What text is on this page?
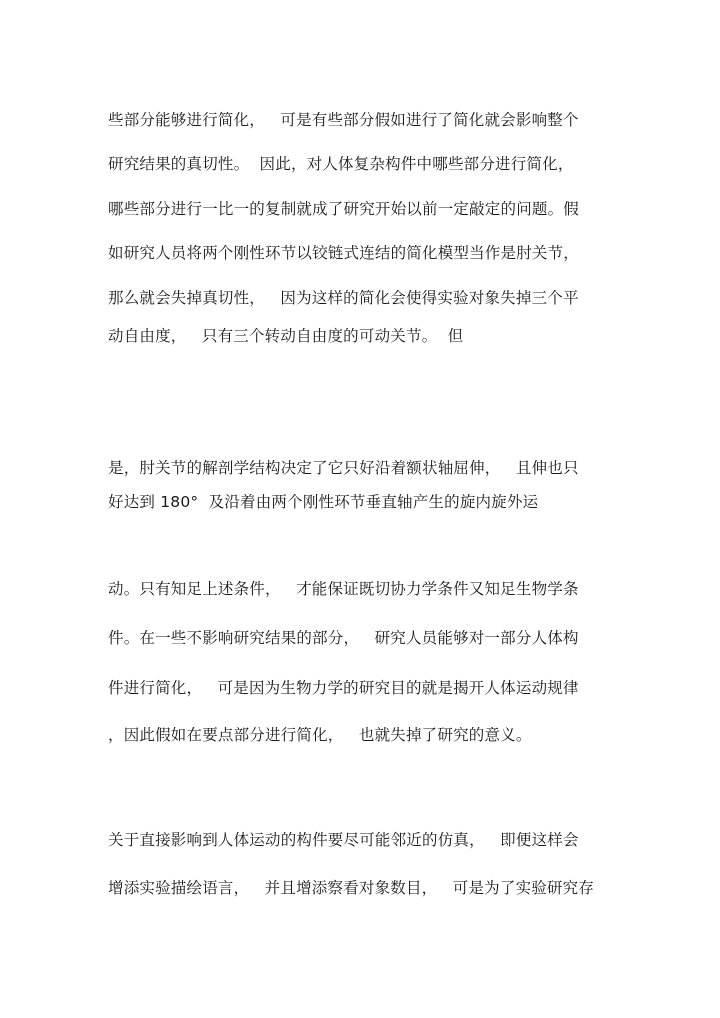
些部分能够进行简化，   可是有些部分假如进行了简化就会影响整个
研究结果的真切性。  因此，对人体复杂构件中哪些部分进行简化，
哪些部分进行一比一的复制就成了研究开始以前一定敲定的问题。假
如研究人员将两个刚性环节以铰链式连结的简化模型当作是肘关节，
那么就会失掉真切性，   因为这样的简化会使得实验对象失掉三个平
动自由度，   只有三个转动自由度的可动关节。  但
是，肘关节的解剖学结构决定了它只好沿着额状轴屈伸，   且伸也只
好达到 180°  及沿着由两个刚性环节垂直轴产生的旋内旋外运
动。只有知足上述条件，   才能保证既切协力学条件又知足生物学条
件。在一些不影响研究结果的部分，   研究人员能够对一部分人体构
件进行简化，   可是因为生物力学的研究目的就是揭开人体运动规律
，因此假如在要点部分进行简化，   也就失掉了研究的意义。
关于直接影响到人体运动的构件要尽可能邻近的仿真，   即便这样会
增添实验描绘语言，   并且增添察看对象数目，   可是为了实验研究存
